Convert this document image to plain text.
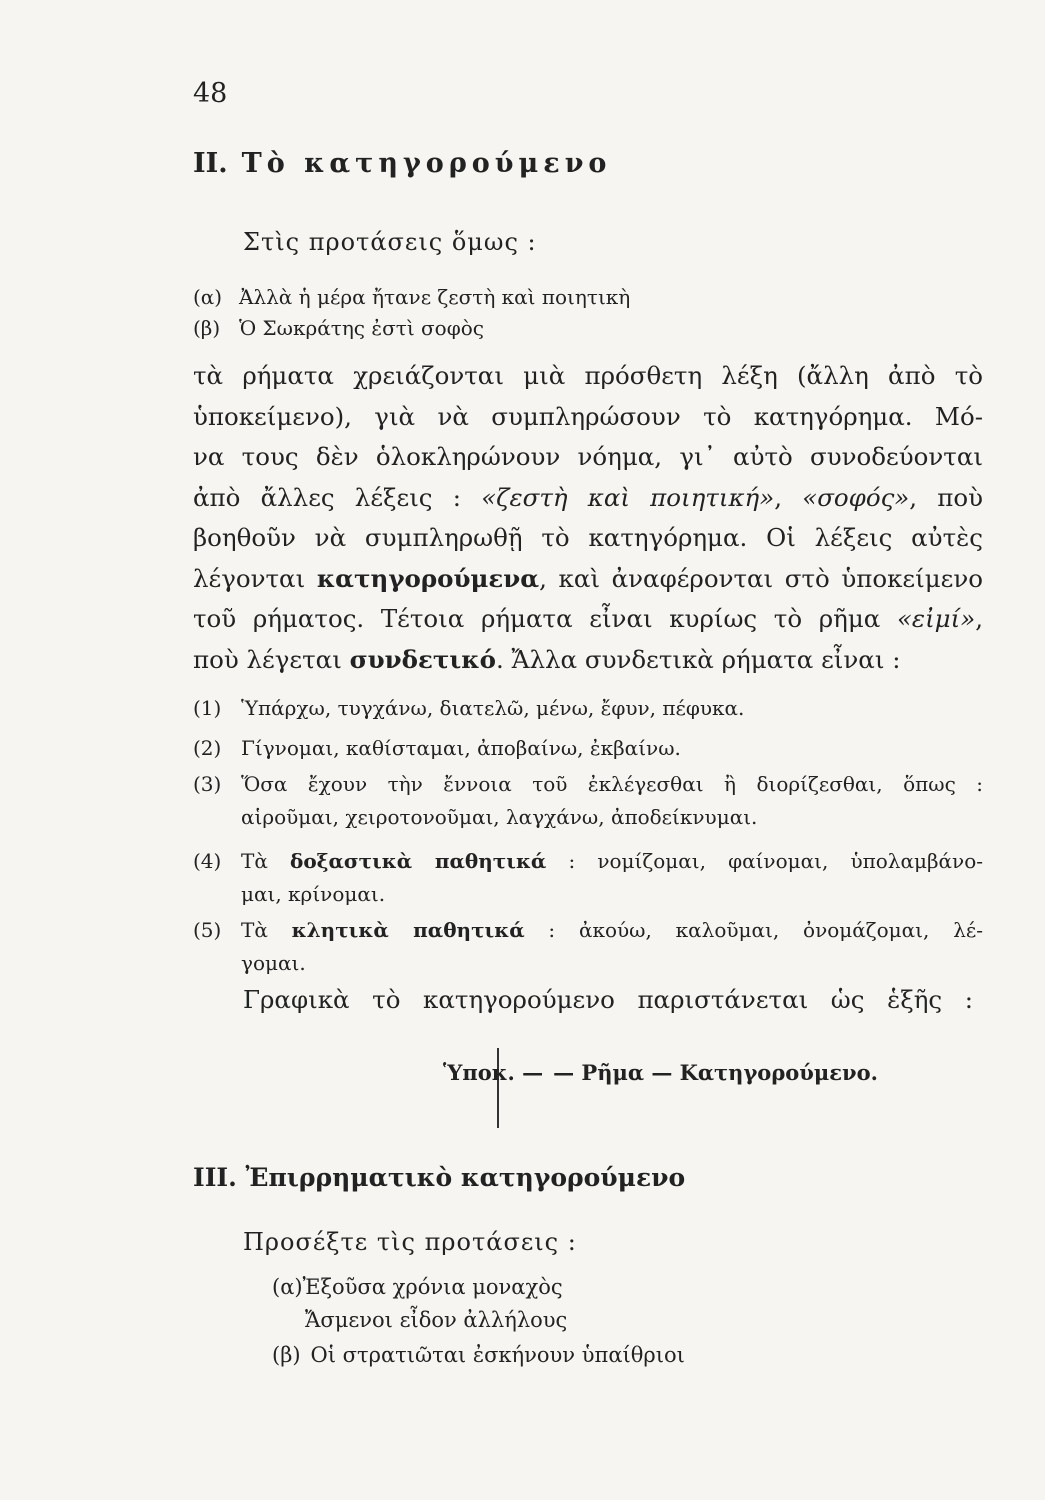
48
II. Τὸ κατηγορούμενο
Στὶς προτάσεις ὅμως :
(α) Ἀλλὰ ἡ μέρα ἤτανε ζεστὴ καὶ ποιητικὴ
(β) Ὁ Σωκράτης ἐστὶ σοφὸς
τὰ ρήματα χρειάζονται μιὰ πρόσθετη λέξη (ἄλλη ἀπὸ τὸ
ὑποκείμενο), γιὰ νὰ συμπληρώσουν τὸ κατηγόρημα. Μό-
να τους δὲν ὁλοκληρώνουν νόημα, γι᾽ αὐτὸ συνοδεύονται
ἀπὸ ἄλλες λέξεις : «ζεστὴ καὶ ποιητική», «σοφός», ποὺ
βοηθοῦν νὰ συμπληρωθῇ τὸ κατηγόρημα. Οἱ λέξεις αὐτὲς
λέγονται κατηγορούμενα, καὶ ἀναφέρονται στὸ ὑποκείμενο
τοῦ ρήματος. Τέτοια ρήματα εἶναι κυρίως τὸ ρῆμα «εἰμί»,
ποὺ λέγεται συνδετικό. Ἄλλα συνδετικὰ ρήματα εἶναι :
(1) Ὑπάρχω, τυγχάνω, διατελῶ, μένω, ἔφυν, πέφυκα.
(2) Γίγνομαι, καθίσταμαι, ἀποβαίνω, ἐκβαίνω.
(3) Ὅσα ἔχουν τὴν ἔννοια τοῦ ἐκλέγεσθαι ἢ διορίζεσθαι, ὅπως :
αἱροῦμαι, χειροτονοῦμαι, λαγχάνω, ἀποδείκνυμαι.
(4) Τὰ δοξαστικὰ παθητικά : νομίζομαι, φαίνομαι, ὑπολαμβάνο-
μαι, κρίνομαι.
(5) Τὰ κλητικὰ παθητικά : ἀκούω, καλοῦμαι, ὀνομάζομαι, λέ-
γομαι.
Γραφικὰ τὸ κατηγορούμενο παριστάνεται ὡς ἑξῆς :
Ὑποκ. — — Ρῆμα — Κατηγορούμενο.
III. Ἐπιρρηματικὸ κατηγορούμενο
Προσέξτε τὶς προτάσεις :
(α)Ἐξοῦσα χρόνια μοναχὸς
Ἄσμενοι εἶδον ἀλλήλους
(β) Οἱ στρατιῶται ἐσκήνουν ὑπαίθριοι
